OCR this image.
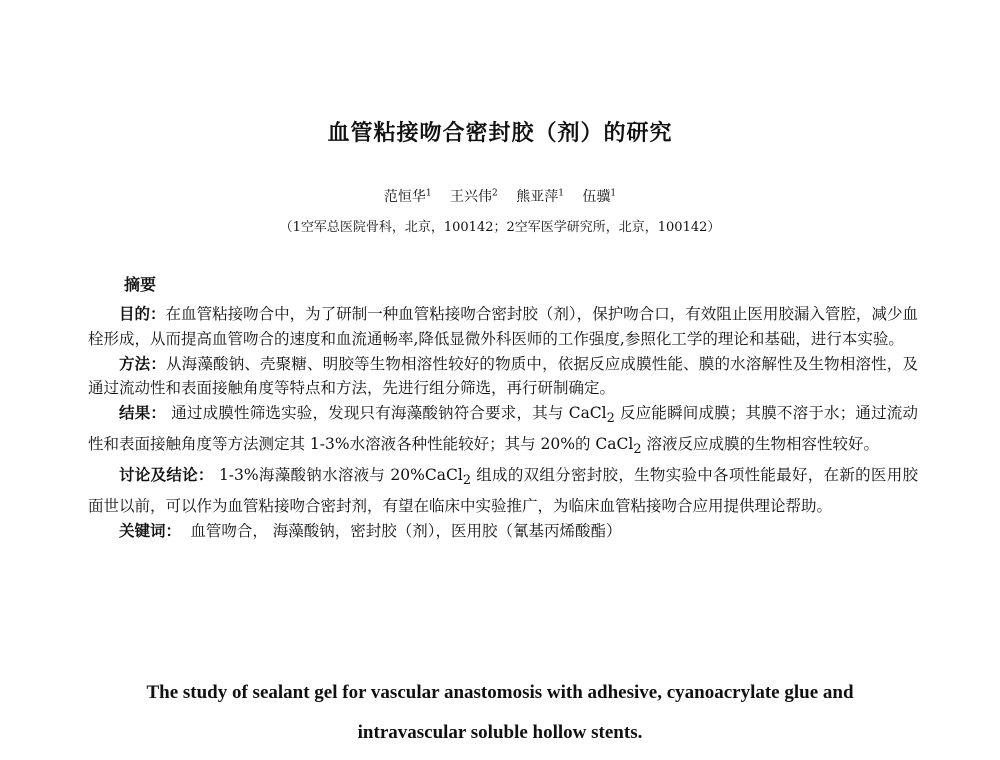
血管粘接吻合密封胶（剂）的研究
范恒华$^1$ 王兴伟$^2$ 熊亚萍$^1$ 伍骥$^1$
（1空军总医院骨科，北京，100142；2空军医学研究所，北京，100142）
摘要

目的：在血管粘接吻合中，为了研制一种血管粘接吻合密封胶（剂），保护吻合口，有效阻止医用胶漏入管腔，减少血栓形成，从而提高血管吻合的速度和血流通畅率,降低显微外科医师的工作强度,参照化工学的理论和基础，进行本实验。

方法：从海藻酸钠、壳聚糖、明胶等生物相溶性较好的物质中，依据反应成膜性能、膜的水溶解性及生物相溶性，及通过流动性和表面接触角度等特点和方法，先进行组分筛选，再行研制确定。

结果： 通过成膜性筛选实验，发现只有海藻酸钠符合要求，其与 CaCl$_2$ 反应能瞬间成膜；其膜不溶于水；通过流动性和表面接触角度等方法测定其 1-3%水溶液各种性能较好；其与 20%的 CaCl$_2$ 溶液反应成膜的生物相容性较好。

讨论及结论： 1-3%海藻酸钠水溶液与 20%CaCl$_2$ 组成的双组分密封胶，生物实验中各项性能最好，在新的医用胶面世以前，可以作为血管粘接吻合密封剂，有望在临床中实验推广，为临床血管粘接吻合应用提供理论帮助。

关键词： 血管吻合， 海藻酸钠，密封胶（剂），医用胶（氰基丙烯酸酯）

The study of sealant gel for vascular anastomosis with adhesive, cyanoacrylate glue and
intravascular soluble hollow stents.
